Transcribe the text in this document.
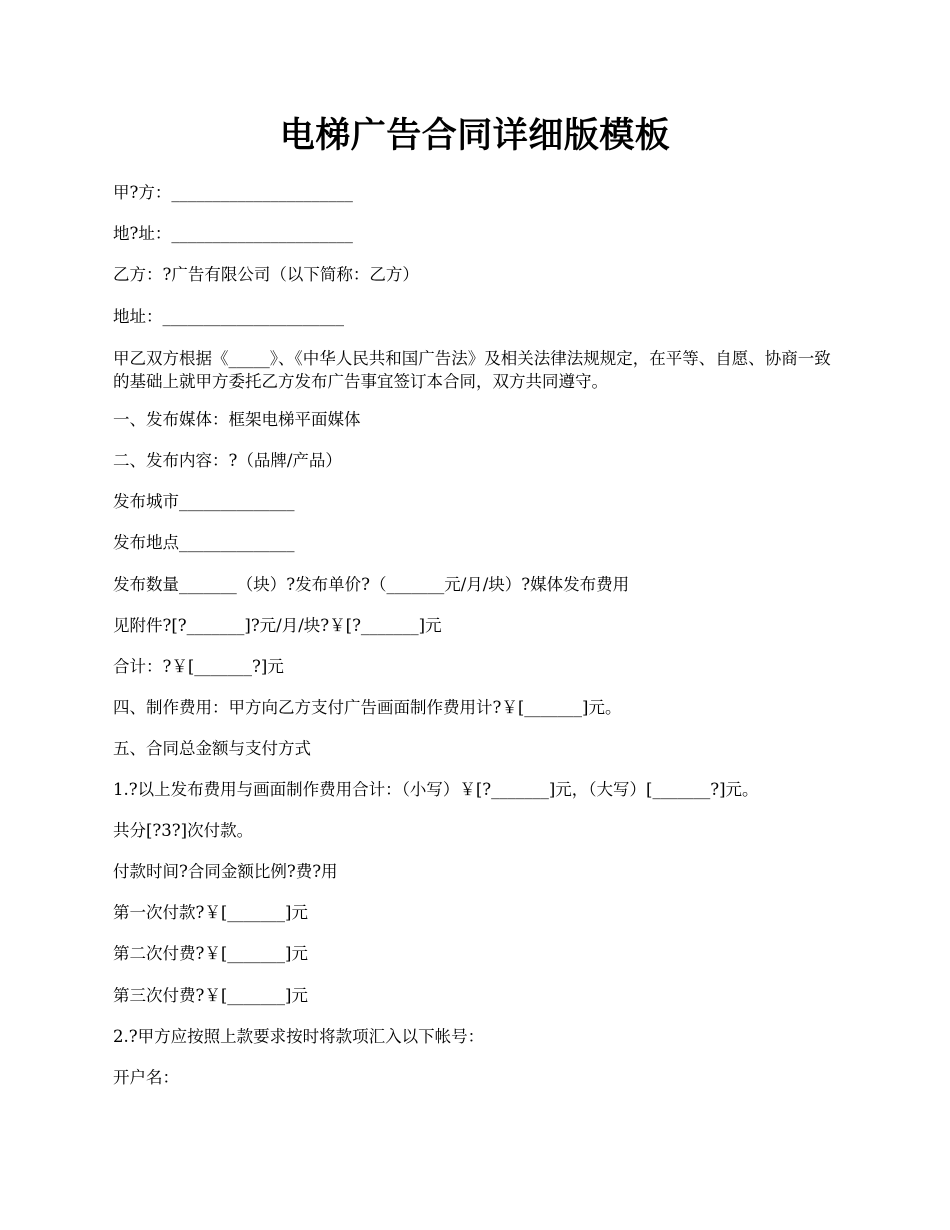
电梯广告合同详细版模板
甲?方：______________________
地?址：______________________
乙方：?广告有限公司（以下简称：乙方）
地址：______________________
甲乙双方根据《_____》、《中华人民共和国广告法》及相关法律法规规定，在平等、自愿、协商一致的基础上就甲方委托乙方发布广告事宜签订本合同，双方共同遵守。
一、发布媒体：框架电梯平面媒体
二、发布内容：?（品牌/产品）
发布城市______________
发布地点______________
发布数量_______（块）?发布单价?（_______元/月/块）?媒体发布费用
见附件?[?_______]?元/月/块?￥[?_______]元
合计：?￥[_______?]元
四、制作费用：甲方向乙方支付广告画面制作费用计?￥[_______]元。
五、合同总金额与支付方式
1.?以上发布费用与画面制作费用合计：（小写）￥[?_______]元，（大写）[_______?]元。
共分[?3?]次付款。
付款时间?合同金额比例?费?用
第一次付款?￥[_______]元
第二次付费?￥[_______]元
第三次付费?￥[_______]元
2.?甲方应按照上款要求按时将款项汇入以下帐号：
开户名：
